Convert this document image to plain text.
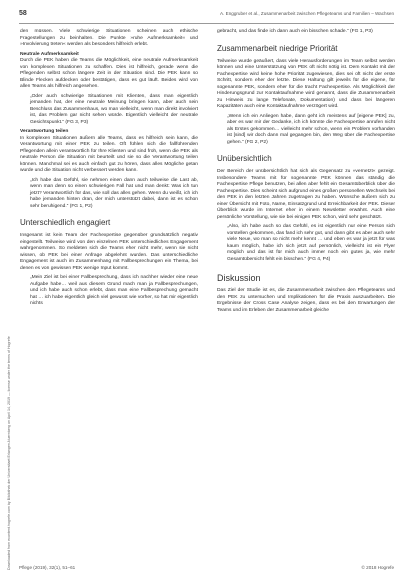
Downloaded from econtent.hogrefe.com by Bibliothek der Universitaet Erlangen-Nuernberg on April 14, 2019 — license under the terms of Hogrefe
58	A. Enggruber et al., Zusammenarbeit zwischen Pflegeteams und Familien – Wachsen

den müssen. Viele schwierige Situationen scheinen auch ethische Fragestellungen zu beinhalten. Die Punkte »ruhe Aufmerksamkeit« und »Involvierung treten« werden als besonders hilfreich erlebt.

Neutrale Aufmerksamkeit

Durch die PEK haben die Teams die Möglichkeit, eine neutrale Aufmerksamkeit von komplexen Situationen zu schaffen. Dies ist hilfreich, gerade wenn die Pflegenden selbst schon längere Zeit in der Situation sind. Die PEK kann so Blinde Flecken aufdecken oder bestätigen, dass es gut läuft. Beides wird von allen Teams als hilfreich angesehen.

„Oder auch schwierige Situationen mit Klienten, dass man eigentlich jemanden hat, der eine neutrale Meinung bringen kann, aber auch sein Beschluss das Zusammenhaus, wo man vielleicht, wenn man direkt involviert ist, das Problem gar nicht sehen würde. Eigentlich vielleicht der neutrale Gesichtspunkt.“ (FG 3, P3)

Verantwortung teilen

In komplexen Situationen äußern alle Teams, dass es hilfreich sein kann, die Verantwortung mit einer PEK zu teilen. Oft fühlen sich die fallführenden Pflegenden allein verantwortlich für Ihre Klienten und sind froh, wenn die PEK als neutrale Person die Situation mit beurteilt und sie so die Verantwortung teilen können. Manchmal sei es auch einfach gut zu hören, dass alles Mögliche getan wurde und die Situation nicht verbessert werden kann.

„Ich habe das Gefühl, sie nehmen einen dann auch teilweise die Last ab, wenn man denn so einen schwierigen Fall hat und man denkt: Was ich tun jetzt? Verantwortlich für das, wie soll das alles gehen. Wenn du weißt, ich ich habe jemanden hinten dran, der mich unterstützt dabei, dann ist es schon sehr beruhigend.“ (FG 1, P2)

Unterschiedlich engagiert

Insgesamt ist kein Team der Fachexpertise gegenüber grundsätzlich negativ eingestellt. Teilweise wird von den einzelnen PEK unterschiedliches Engagement wahrgenommen. So meldeten sich die Teams eher nicht mehr, wenn sie nicht wissen, ob PEK bei einer Anfrage abgelehnt wurden. Das unterschiedliche Engagement ist auch im Zusammenhang mit Fallbesprechungen ein Thema, bei denen es von gewissen PEK wenige Input kommt.

„Mein Ziel ist bei einer Fallbesprechung, dass ich nachher wieder eine neue Aufgabe habe… weil aus diesem Grund mach man ja Fallbesprechungen, und ich habe auch schon erlebt, dass man eine Fallbesprechung gemacht hat … ich habe eigentlich gleich viel gewusst wie vorher, so hat mir eigentlich nichts

gebracht, und das finde ich dann auch ein bisschen schade.“ (FG 1, P3)

Zusammenarbeit niedrige Priorität

Teilweise wurde geäußert, dass viele Herausforderungen im Team selbst werden können und eine Unterstützung von PEK oft nicht nötig ist. Dem Kontakt mit der Fachexpertise wird keine hohe Priorität zugewiesen, dies sei oft nicht der erste Schritt, sondern eher der letzte. Diese Haltung gilt jeweils für die eigene, für sogenannte PEK, sondern eher für die tracht Fachexpertise. Als Möglichkeit der Hinderungsgrund zur Kontaktaufnahme wird genannt, dass die Zusammenarbeit zu Hinweis zu lange Telefonate, Dokumentation) und dass bei längeren Kapazitäten auch eine Kontaktaufnahme verzögert wird.

„Wenn ich ein Anliegen habe, dann geht ich meistens auf [eigene PEK] zu, aber es war mir der Gedanke, ich ich könnte die Fachexpertise anrufen nicht als Erstes gekommen… vielleicht mehr schon, wenn ein Problem vorhanden ist [sind] wir doch dann mal gegangen bin, den Weg über die Fachexpertise gehen.“ (FG 2, P2)

Unübersichtlich

Der Bereich der unübersichtlich hat sich als Gegensatz zu »vernetzt« gezeigt. Insbesondere Teams mit für sogenannte PEK können das ständig die Fachexpertise Pflege benutzen, bei allen aber fehlt ein Gesamtüberblick über die Fachexpertise. Dies scheint sich aufgrund eines großen personellen Wechsels bei den PEK in den letzten Jahren zugetragen zu haben. Wünsche äußern sich zu einer Übersicht mit Foto, Name, Einsatzgrund und Erreichbarkeit der PEK. Dieser Überblick wurde im Internet eher in einem Newsletter erwähnt. Auch eine persönliche Vorstellung, wie sie bei einigen PEK schon, wird sehr geschätzt.

„Also, ich habe auch so das Gefühl, es ist eigentlich nur eine Person sich vorstellen gekommen, das fand ich sehr gut, und dann gibt es aber auch sehr viele Neue, wo man so nicht mehr kennt … und eben es war ja jetzt für was kaum möglich, habe ich sich jetzt auf persönlich, vielleicht ist ein Flyer möglich und das ist für mich auch immer noch ein gutes ja, wie mehr Gesamtübersicht fehlt ein bisschen.“ (FG 4, P4)

Diskussion

Das Ziel der Studie ist es, die Zusammenarbeit zwischen den Pflegeteams und den PEK zu untersuchen und Implikationen für die Praxis auszuarbeiten. Die Ergebnisse der Cross Case Analyse zeigen, dass es bei den Erwartungen der Teams und im Erleben der Zusammenarbeit gleiche

Pflege (2019), 32(1), 51–61	© 2018 Hogrefe
